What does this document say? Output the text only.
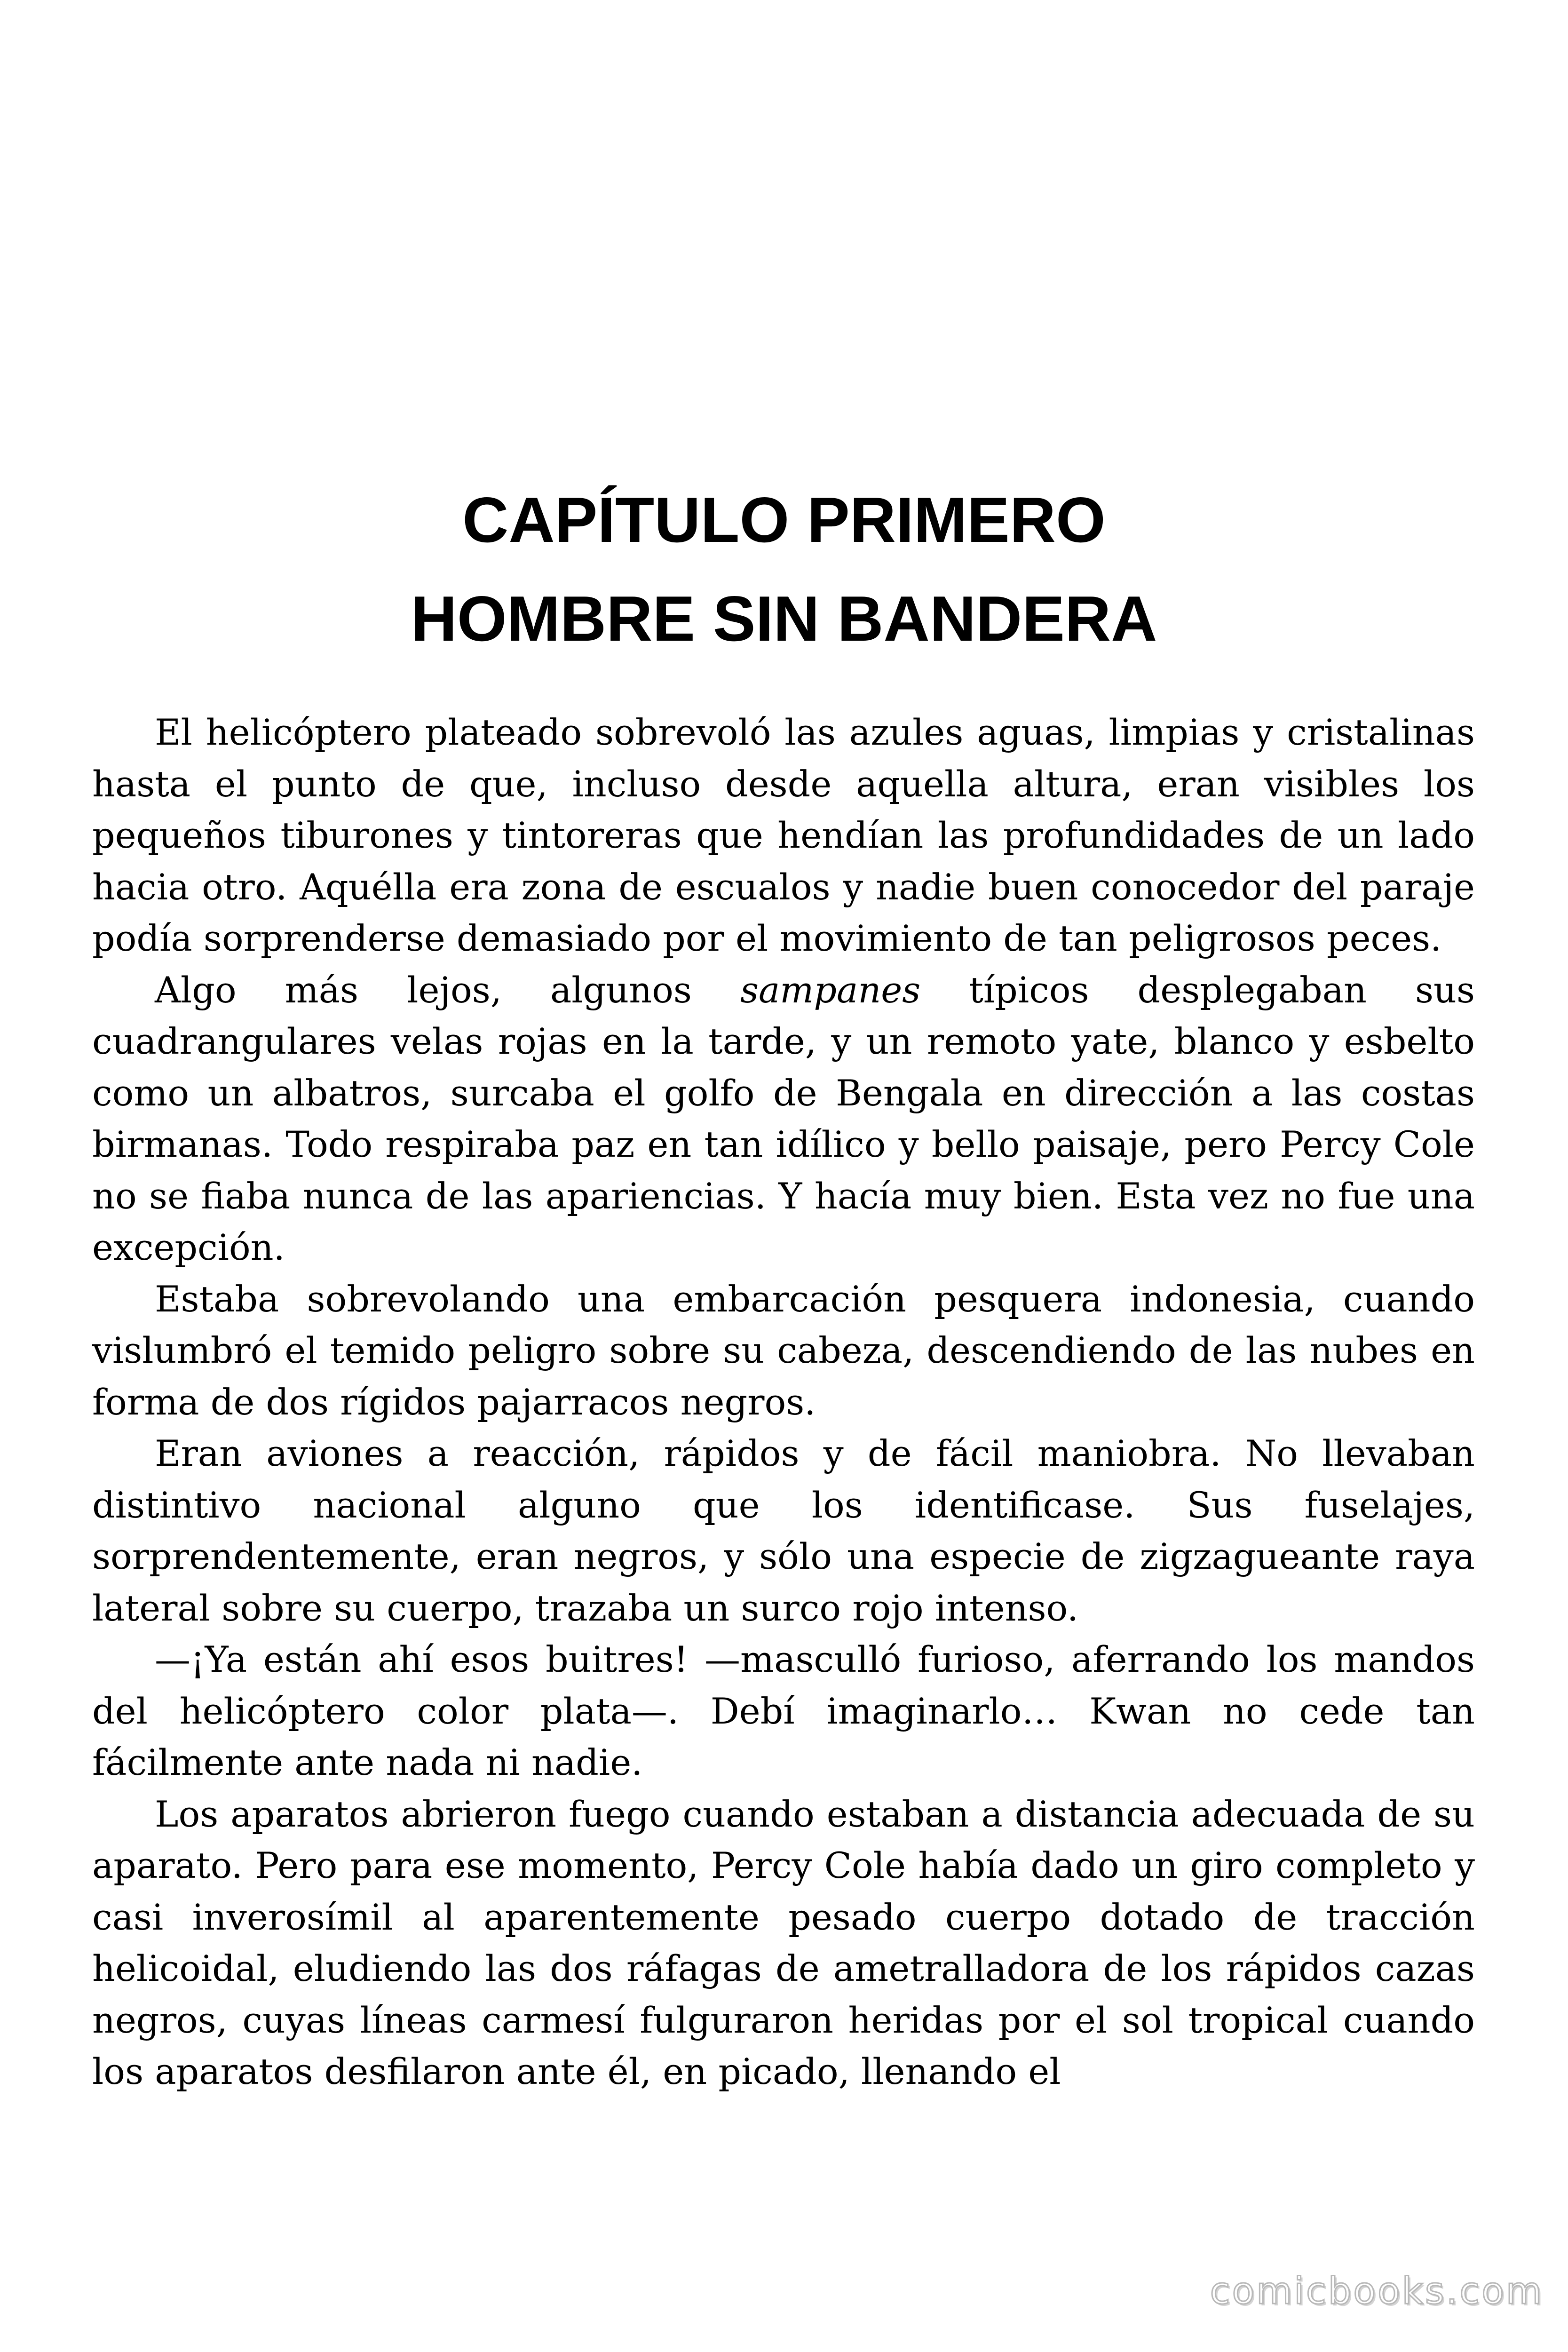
CAPÍTULO PRIMERO
HOMBRE SIN BANDERA

El helicóptero plateado sobrevoló las azules aguas, limpias y cristalinas hasta el punto de que, incluso desde aquella altura, eran visibles los pequeños tiburones y tintoreras que hendían las profundidades de un lado hacia otro. Aquélla era zona de escualos y nadie buen conocedor del paraje podía sorprenderse demasiado por el movimiento de tan peligrosos peces.

Algo más lejos, algunos sampanes típicos desplegaban sus cuadrangulares velas rojas en la tarde, y un remoto yate, blanco y esbelto como un albatros, surcaba el golfo de Bengala en dirección a las costas birmanas. Todo respiraba paz en tan idílico y bello paisaje, pero Percy Cole no se fiaba nunca de las apariencias. Y hacía muy bien. Esta vez no fue una excepción.

Estaba sobrevolando una embarcación pesquera indonesia, cuando vislumbró el temido peligro sobre su cabeza, descendiendo de las nubes en forma de dos rígidos pajarracos negros.

Eran aviones a reacción, rápidos y de fácil maniobra. No llevaban distintivo nacional alguno que los identificase. Sus fuselajes, sorprendentemente, eran negros, y sólo una especie de zigzagueante raya lateral sobre su cuerpo, trazaba un surco rojo intenso.

—¡Ya están ahí esos buitres! —masculló furioso, aferrando los mandos del helicóptero color plata—. Debí imaginarlo… Kwan no cede tan fácilmente ante nada ni nadie.

Los aparatos abrieron fuego cuando estaban a distancia adecuada de su aparato. Pero para ese momento, Percy Cole había dado un giro completo y casi inverosímil al aparentemente pesado cuerpo dotado de tracción helicoidal, eludiendo las dos ráfagas de ametralladora de los rápidos cazas negros, cuyas líneas carmesí fulguraron heridas por el sol tropical cuando los aparatos desfilaron ante él, en picado, llenando el

comicbooks.com
